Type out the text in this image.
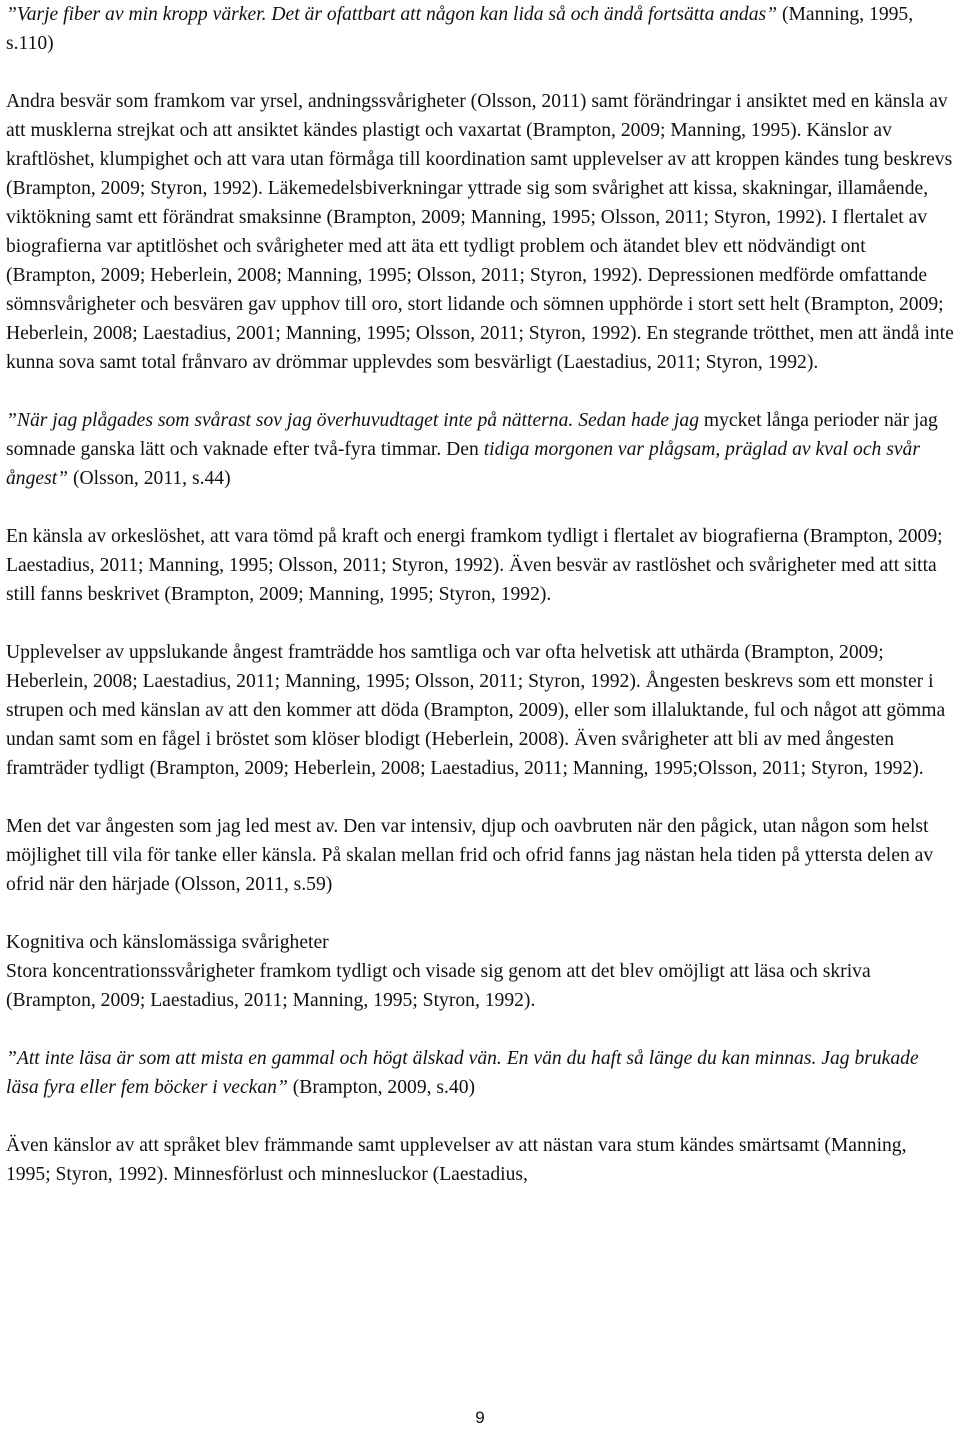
”Varje fiber av min kropp värker. Det är ofattbart att någon kan lida så och ändå fortsätta andas” (Manning, 1995, s.110)

Andra besvär som framkom var yrsel, andningssvårigheter (Olsson, 2011) samt förändringar i ansiktet med en känsla av att musklerna strejkat och att ansiktet kändes plastigt och vaxartat (Brampton, 2009; Manning, 1995). Känslor av kraftlöshet, klumpighet och att vara utan förmåga till koordination samt upplevelser av att kroppen kändes tung beskrevs (Brampton, 2009; Styron, 1992). Läkemedelsbiverkningar yttrade sig som svårighet att kissa, skakningar, illamående, viktökning samt ett förändrat smaksinne (Brampton, 2009; Manning, 1995; Olsson, 2011; Styron, 1992). I flertalet av biografierna var aptitlöshet och svårigheter med att äta ett tydligt problem och ätandet blev ett nödvändigt ont (Brampton, 2009; Heberlein, 2008; Manning, 1995; Olsson, 2011; Styron, 1992). Depressionen medförde omfattande sömnsvårigheter och besvären gav upphov till oro, stort lidande och sömnen upphörde i stort sett helt (Brampton, 2009; Heberlein, 2008; Laestadius, 2001; Manning, 1995; Olsson, 2011; Styron, 1992). En stegrande trötthet, men att ändå inte kunna sova samt total frånvaro av drömmar upplevdes som besvärligt (Laestadius, 2011; Styron, 1992).

”När jag plågades som svårast sov jag överhuvudtaget inte på nätterna. Sedan hade jag mycket långa perioder när jag somnade ganska lätt och vaknade efter två-fyra timmar. Den tidiga morgonen var plågsam, präglad av kval och svår ångest” (Olsson, 2011, s.44)

En känsla av orkeslöshet, att vara tömd på kraft och energi framkom tydligt i flertalet av biografierna (Brampton, 2009; Laestadius, 2011; Manning, 1995; Olsson, 2011; Styron, 1992). Även besvär av rastlöshet och svårigheter med att sitta still fanns beskrivet (Brampton, 2009; Manning, 1995; Styron, 1992).

Upplevelser av uppslukande ångest framträdde hos samtliga och var ofta helvetisk att uthärda (Brampton, 2009; Heberlein, 2008; Laestadius, 2011; Manning, 1995; Olsson, 2011; Styron, 1992). Ångesten beskrevs som ett monster i strupen och med känslan av att den kommer att döda (Brampton, 2009), eller som illaluktande, ful och något att gömma undan samt som en fågel i bröstet som klöser blodigt (Heberlein, 2008). Även svårigheter att bli av med ångesten framträder tydligt (Brampton, 2009; Heberlein, 2008; Laestadius, 2011; Manning, 1995;Olsson, 2011; Styron, 1992).

Men det var ångesten som jag led mest av. Den var intensiv, djup och oavbruten när den pågick, utan någon som helst möjlighet till vila för tanke eller känsla. På skalan mellan frid och ofrid fanns jag nästan hela tiden på yttersta delen av ofrid när den härjade (Olsson, 2011, s.59)

Kognitiva och känslomässiga svårigheter

Stora koncentrationssvårigheter framkom tydligt och visade sig genom att det blev omöjligt att läsa och skriva (Brampton, 2009; Laestadius, 2011; Manning, 1995; Styron, 1992).

”Att inte läsa är som att mista en gammal och högt älskad vän. En vän du haft så länge du kan minnas. Jag brukade läsa fyra eller fem böcker i veckan” (Brampton, 2009, s.40)

Även känslor av att språket blev främmande samt upplevelser av att nästan vara stum kändes smärtsamt (Manning, 1995; Styron, 1992). Minnesförlust och minnesluckor (Laestadius,

9
